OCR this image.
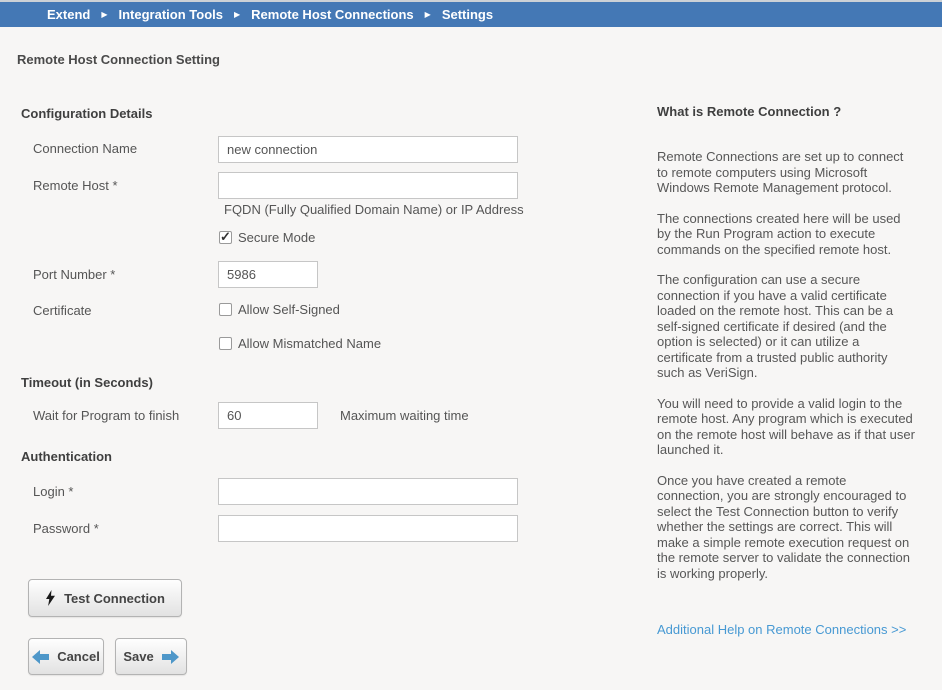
Extend ▶ Integration Tools ▶ Remote Host Connections ▶ Settings
Remote Host Connection Setting
Configuration Details
Connection Name
new connection
Remote Host *
FQDN (Fully Qualified Domain Name) or IP Address
Secure Mode
Port Number *
5986
Certificate	Allow Self-Signed
Allow Mismatched Name
Timeout (in Seconds)
Wait for Program to finish
60	Maximum waiting time
Authentication
Login *
Password *
Test Connection
Cancel Save
What is Remote Connection ?

Remote Connections are set up to connect to remote computers using Microsoft Windows Remote Management protocol.

The connections created here will be used by the Run Program action to execute commands on the specified remote host.

The configuration can use a secure connection if you have a valid certificate loaded on the remote host. This can be a self-signed certificate if desired (and the option is selected) or it can utilize a certificate from a trusted public authority such as VeriSign.

You will need to provide a valid login to the remote host. Any program which is executed on the remote host will behave as if that user launched it.

Once you have created a remote connection, you are strongly encouraged to select the Test Connection button to verify whether the settings are correct. This will make a simple remote execution request on the remote server to validate the connection is working properly.

Additional Help on Remote Connections >>
